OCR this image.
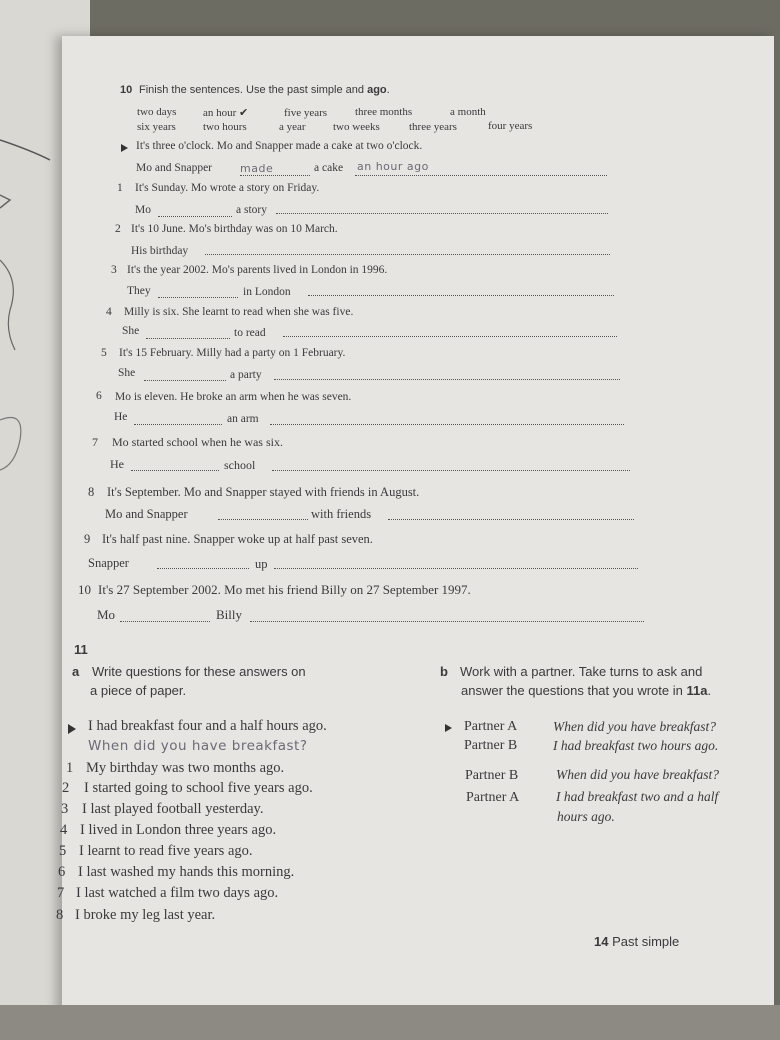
10 Finish the sentences. Use the past simple and ago.
two days an hour ✔	five years	three months	a month
six years two hours	a year two weeks	three years	four years
It's three o'clock. Mo and Snapper made a cake at two o'clock.
Mo and Snapper	made	a cake an hour ago
1 It's Sunday. Mo wrote a story on Friday.
Mo	a story
2 It's 10 June. Mo's birthday was on 10 March.
His birthday
3 It's the year 2002. Mo's parents lived in London in 1996.
They	in London
4 Milly is six. She learnt to read when she was five.
She	to read
5 It's 15 February. Milly had a party on 1 February.
She	a party
6 Mo is eleven. He broke an arm when he was seven.
He	an arm
7 Mo started school when he was six.
He	school
8 It's September. Mo and Snapper stayed with friends in August.
Mo and Snapper	with friends
9 It's half past nine. Snapper woke up at half past seven.
Snapper	up
10 It's 27 September 2002. Mo met his friend Billy on 27 September 1997.
Mo	Billy
11
a Write questions for these answers on
a piece of paper.
b Work with a partner. Take turns to ask and
answer the questions that you wrote in 11a.
I had breakfast four and a half hours ago.
When did you have breakfast?
1 My birthday was two months ago.
2 I started going to school five years ago.
3 I last played football yesterday.
4 I lived in London three years ago.
5 I learnt to read five years ago.
6 I last washed my hands this morning.
7 I last watched a film two days ago.
8 I broke my leg last year.
Partner A	When did you have breakfast?
Partner B	I had breakfast two hours ago.
Partner B	When did you have breakfast?
Partner A	I had breakfast two and a half
hours ago.
14 Past simple
